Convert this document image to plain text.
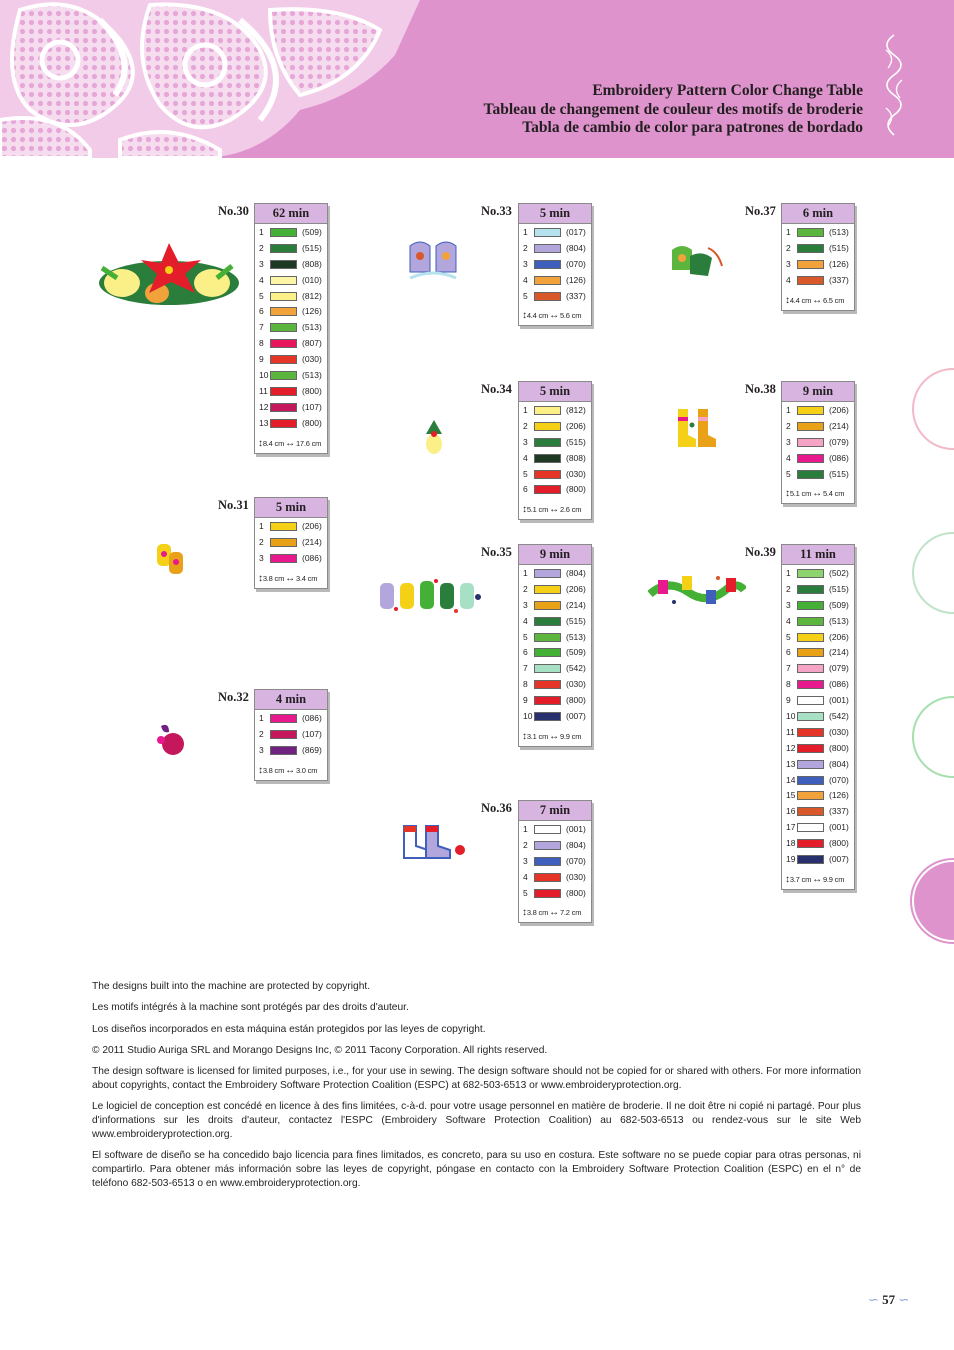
Embroidery Pattern Color Change Table
Tableau de changement de couleur des motifs de broderie
Tabla de cambio de color para patrones de bordado
No.30	62 min
1	(509)
2	(515)
3	(808)
4	(010)
5	(812)
6	(126)
7	(513)
8	(807)
9	(030)
10	(513)
11	(800)
12	(107)
13	(800)
↕8.4 cm↔17.6 cm
No.31	5 min
1	(206)
2	(214)
3	(086)
↕3.8 cm↔3.4 cm
No.32	4 min
1	(086)
2	(107)
3	(869)
↕3.8 cm↔3.0 cm
No.33	5 min
1	(017)
2	(804)
3	(070)
4	(126)
5	(337)
↕4.4 cm↔5.6 cm
No.34	5 min
1	(812)
2	(206)
3	(515)
4	(808)
5	(030)
6	(800)
↕5.1 cm↔2.6 cm
No.35	9 min
1	(804)
2	(206)
3	(214)
4	(515)
5	(513)
6	(509)
7	(542)
8	(030)
9	(800)
10	(007)
↕3.1 cm↔9.9 cm
No.36	7 min
1	(001)
2	(804)
3	(070)
4	(030)
5	(800)
↕3.8 cm↔7.2 cm
No.37	6 min
1	(513)
2	(515)
3	(126)
4	(337)
↕4.4 cm↔6.5 cm
No.38	9 min
1	(206)
2	(214)
3	(079)
4	(086)
5	(515)
↕5.1 cm↔5.4 cm
No.39	11 min
1	(502)
2	(515)
3	(509)
4	(513)
5	(206)
6	(214)
7	(079)
8	(086)
9	(001)
10	(542)
11	(030)
12	(800)
13	(804)
14	(070)
15	(126)
16	(337)
17	(001)
18	(800)
19	(007)
↕3.7 cm↔9.9 cm

The designs built into the machine are protected by copyright.

Les motifs intégrés à la machine sont protégés par des droits d'auteur.

Los diseños incorporados en esta máquina están protegidos por las leyes de copyright.

© 2011 Studio Auriga SRL and Morango Designs Inc, © 2011 Tacony Corporation. All rights reserved.

The design software is licensed for limited purposes, i.e., for your use in sewing. The design software should not be copied for or shared with others. For more information about copyrights, contact the Embroidery Software Protection Coalition (ESPC) at 682-503-6513 or www.embroideryprotection.org.

Le logiciel de conception est concédé en licence à des fins limitées, c-à-d. pour votre usage personnel en matière de broderie. Il ne doit être ni copié ni partagé. Pour plus d'informations sur les droits d'auteur, contactez l'ESPC (Embroidery Software Protection Coalition) au 682-503-6513 ou rendez-vous sur le site Web www.embroideryprotection.org.

El software de diseño se ha concedido bajo licencia para fines limitados, es concreto, para su uso en costura. Este software no se puede copiar para otras personas, ni compartirlo. Para obtener más información sobre las leyes de copyright, póngase en contacto con la Embroidery Software Protection Coalition (ESPC) en el n° de teléfono 682-503-6513 o en www.embroideryprotection.org.

∽ 57 ∽
